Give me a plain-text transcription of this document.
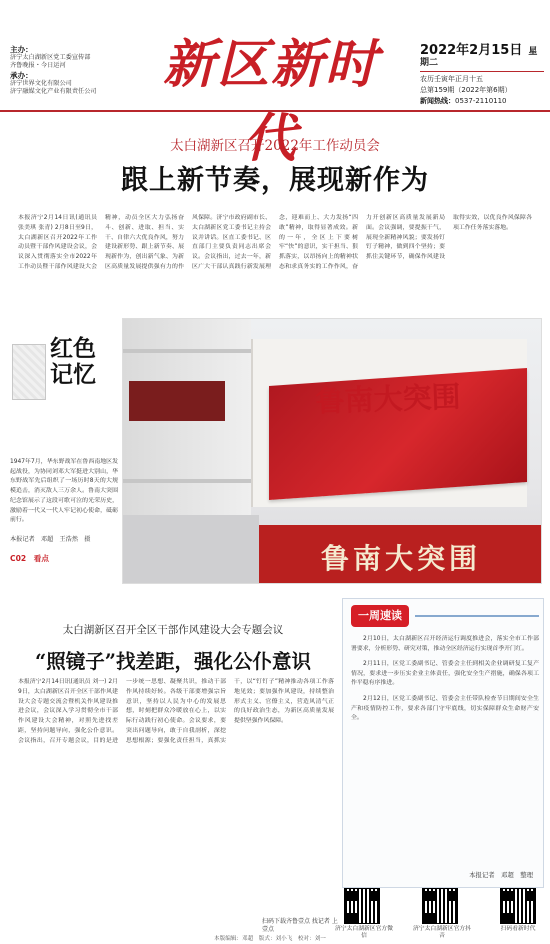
主办：
济宁太白湖新区党工委宣传部
齐鲁晚报・今日运河
承办：
济宁世界文化有限公司
济宁融媒文化产业有限责任公司	新区新时代
2022年2月15日 星期二
农历壬寅年正月十五
总第159期（2022年第6期）
新闻热线：0537-2110110
太白湖新区召开2022年工作动员会
跟上新节奏，展现新作为
本报济宁2月14日讯(通讯员 张美琪 张青) 2月8日至9日，太白湖新区召开2022年工作动员暨干部作风建设会议，会议深入贯彻落实全市2022年工作动员暨干部作风建设大会精神，动员全区大力弘扬奋斗、创新、进取、担当、实干、自律六大优良作风，努力建设新形势、跟上新节奏、展现新作为，创出新气象、为新区高质量发展提供强有力的作风保障。济宁市政府副市长、太白湖新区党工委书记主持会议并讲话。区直工委书记、区直部门主要负责同志出席会议。会议指出，过去一年，新区广大干部认真践行新发展理念，迎难而上、大力发扬“四敢”精神，取得显著成效。新的一年，全区上下要树牢“快”的意识，实干担当、狠抓落实，以昂扬向上的精神状态和求真务实的工作作风，奋力开创新区高质量发展新局面。会议强调，要提振干气，展现全新精神风貌；要发扬钉钉子精神，做到四个坚持；要抓住关键环节，确保作风建设取得实效，以优良作风保障各项工作任务落实落地。
鲁南大突围
鲁南大突围
红色
记忆
1947年7月，华东野战军在鲁西南地区发起战役，为协同刘邓大军挺进大别山，华东野战军先后组织了一场历时8天的大规模追击，消灭敌人三万余人。鲁南大突围纪念馆展示了这段可歌可泣的光荣历史，激励着一代又一代人牢记初心使命，砥砺前行。
本报记者　邓超　王浩然　摄
C02　看点
太白湖新区召开全区干部作风建设大会专题会议
“照镜子”找差距，强化公仆意识
本报济宁2月14日讯(通讯员 刘一) 2月9日，太白湖新区召开全区干部作风建设大会专题交流会暨机关作风建设推进会议，会议深入学习贯彻全市干部作风建设大会精神，对照先进找差距，坚持问题导向，强化公仆意识。会议指出，召开专题会议，目的是进一步统一思想、凝聚共识，推动干部作风持续好转。各级干部要增强宗旨意识，坚持以人民为中心的发展思想，时刻把群众冷暖放在心上，以实际行动践行初心使命。会议要求，要突出问题导向，敢于自我剖析，深挖思想根源；要强化责任担当，真抓实干，以“钉钉子”精神推动各项工作落地见效；要加强作风建设，持续整治形式主义、官僚主义，营造风清气正的良好政治生态，为新区高质量发展提供坚强作风保障。
一周速读

2月10日，太白湖新区召开经济运行调度推进会，落实全市工作部署要求，分析形势、研究对策，推动全区经济运行实现首季开门红。

2月11日，区党工委副书记、管委会主任到相关企业调研复工复产情况，要求进一步压实企业主体责任，强化安全生产措施，确保各项工作平稳有序推进。

2月12日，区党工委副书记、管委会主任带队检查节日期间安全生产和疫情防控工作，要求各部门守牢底线，切实保障群众生命财产安全。

本报记者　邓超　整理
扫码下载齐鲁壹点 找记者 上壹点	济宁太白湖新区官方微信
济宁太白湖新区官方抖音
扫码看新时代
本版编辑：邓超　版式：刘小飞　校对：刘一
